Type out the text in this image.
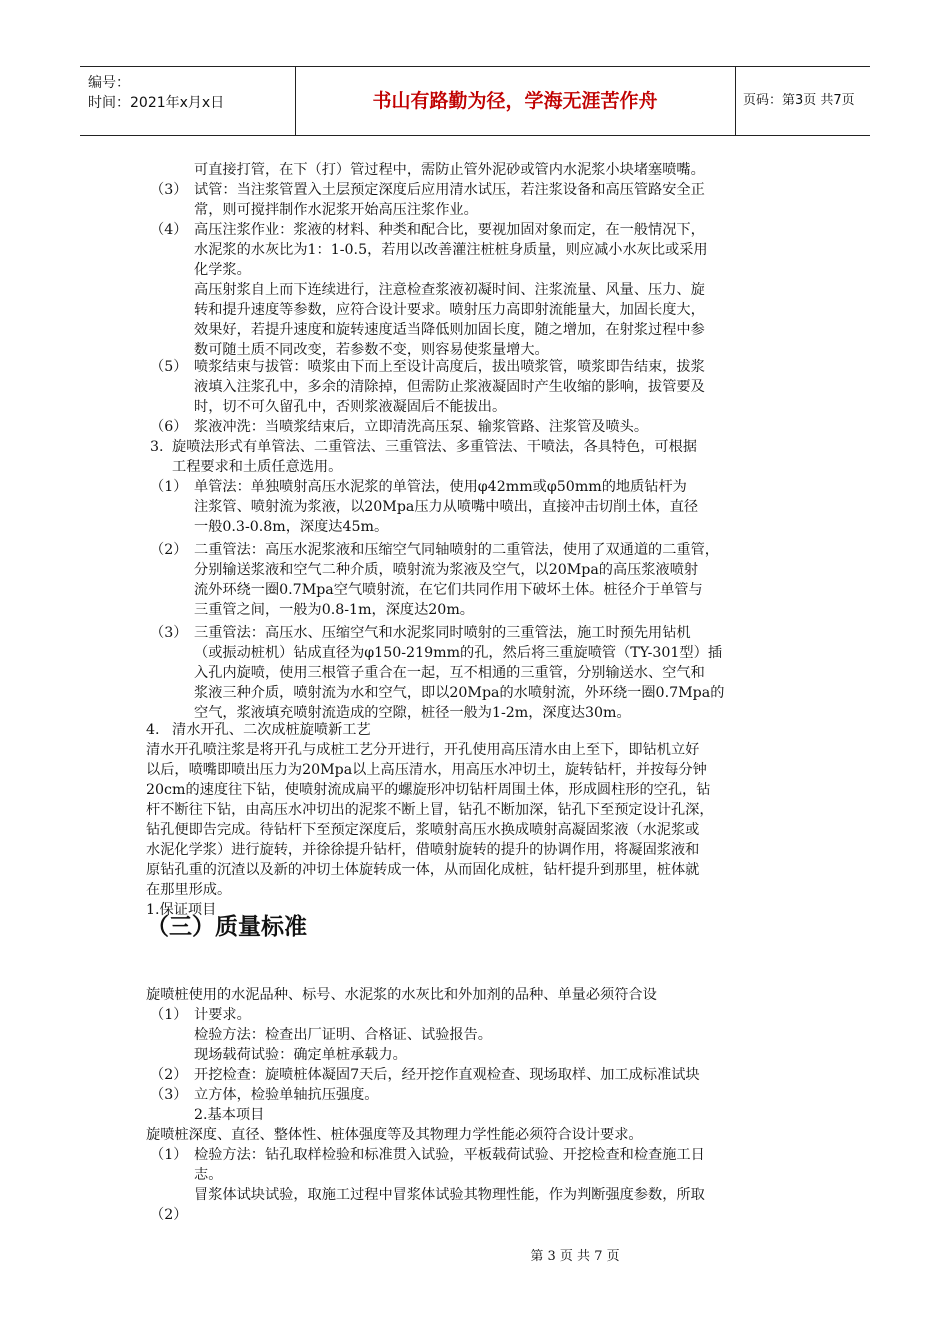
编号：
时间：2021年x月x日	书山有路勤为径，学海无涯苦作舟	页码：第3页 共7页
可直接打管，在下（打）管过程中，需防止管外泥砂或管内水泥浆小块堵塞喷嘴。
（3） 试管：当注浆管置入土层预定深度后应用清水试压，若注浆设备和高压管路安全正
常，则可搅拌制作水泥浆开始高压注浆作业。
（4） 高压注浆作业：浆液的材料、种类和配合比，要视加固对象而定，在一般情况下，
水泥浆的水灰比为1：1-0.5，若用以改善灌注桩桩身质量，则应减小水灰比或采用
化学浆。
高压射浆自上而下连续进行，注意检查浆液初凝时间、注浆流量、风量、压力、旋
转和提升速度等参数，应符合设计要求。喷射压力高即射流能量大，加固长度大，
效果好，若提升速度和旋转速度适当降低则加固长度，随之增加，在射浆过程中参
数可随土质不同改变，若参数不变，则容易使浆量增大。
（5） 喷浆结束与拔管：喷浆由下而上至设计高度后，拔出喷浆管，喷浆即告结束，拔浆
液填入注浆孔中，多余的清除掉，但需防止浆液凝固时产生收缩的影响，拔管要及
时，切不可久留孔中，否则浆液凝固后不能拔出。
（6） 浆液冲洗：当喷浆结束后，立即清洗高压泵、输浆管路、注浆管及喷头。
3. 旋喷法形式有单管法、二重管法、三重管法、多重管法、干喷法，各具特色，可根据
工程要求和土质任意选用。
（1） 单管法：单独喷射高压水泥浆的单管法，使用φ42mm或φ50mm的地质钻杆为
注浆管、喷射流为浆液，以20Mpa压力从喷嘴中喷出，直接冲击切削土体，直径
一般0.3-0.8m，深度达45m。
（2） 二重管法：高压水泥浆液和压缩空气同轴喷射的二重管法，使用了双通道的二重管，
分别输送浆液和空气二种介质，喷射流为浆液及空气，以20Mpa的高压浆液喷射
流外环绕一圈0.7Mpa空气喷射流，在它们共同作用下破坏土体。桩径介于单管与
三重管之间，一般为0.8-1m，深度达20m。
（3） 三重管法：高压水、压缩空气和水泥浆同时喷射的三重管法，施工时预先用钻机
（或振动桩机）钻成直径为φ150-219mm的孔，然后将三重旋喷管（TY-301型）插
入孔内旋喷，使用三根管子重合在一起，互不相通的三重管，分别输送水、空气和
浆液三种介质，喷射流为水和空气，即以20Mpa的水喷射流，外环绕一圈0.7Mpa的
空气，浆液填充喷射流造成的空隙，桩径一般为1-2m，深度达30m。
4. 清水开孔、二次成桩旋喷新工艺
清水开孔喷注浆是将开孔与成桩工艺分开进行，开孔使用高压清水由上至下，即钻机立好
以后，喷嘴即喷出压力为20Mpa以上高压清水，用高压水冲切土，旋转钻杆，并按每分钟
20cm的速度往下钻，使喷射流成扁平的螺旋形冲切钻杆周围土体，形成圆柱形的空孔，钻
杆不断往下钻，由高压水冲切出的泥浆不断上冒，钻孔不断加深，钻孔下至预定设计孔深，
钻孔便即告完成。待钻杆下至预定深度后，浆喷射高压水换成喷射高凝固浆液（水泥浆或
水泥化学浆）进行旋转，并徐徐提升钻杆，借喷射旋转的提升的协调作用，将凝固浆液和
原钻孔重的沉渣以及新的冲切土体旋转成一体，从而固化成桩，钻杆提升到那里，桩体就
在那里形成。
1.保证项目
（三）质量标准
旋喷桩使用的水泥品种、标号、水泥浆的水灰比和外加剂的品种、单量必须符合设
（1） 计要求。
检验方法：检查出厂证明、合格证、试验报告。
现场载荷试验：确定单桩承载力。
（2） 开挖检查：旋喷桩体凝固7天后，经开挖作直观检查、现场取样、加工成标准试块
（3） 立方体，检验单轴抗压强度。
2.基本项目
旋喷桩深度、直径、整体性、桩体强度等及其物理力学性能必须符合设计要求。
（1） 检验方法：钻孔取样检验和标准贯入试验，平板载荷试验、开挖检查和检查施工日
志。
冒浆体试块试验，取施工过程中冒浆体试验其物理性能，作为判断强度参数，所取
（2）
第 3 页 共 7 页
